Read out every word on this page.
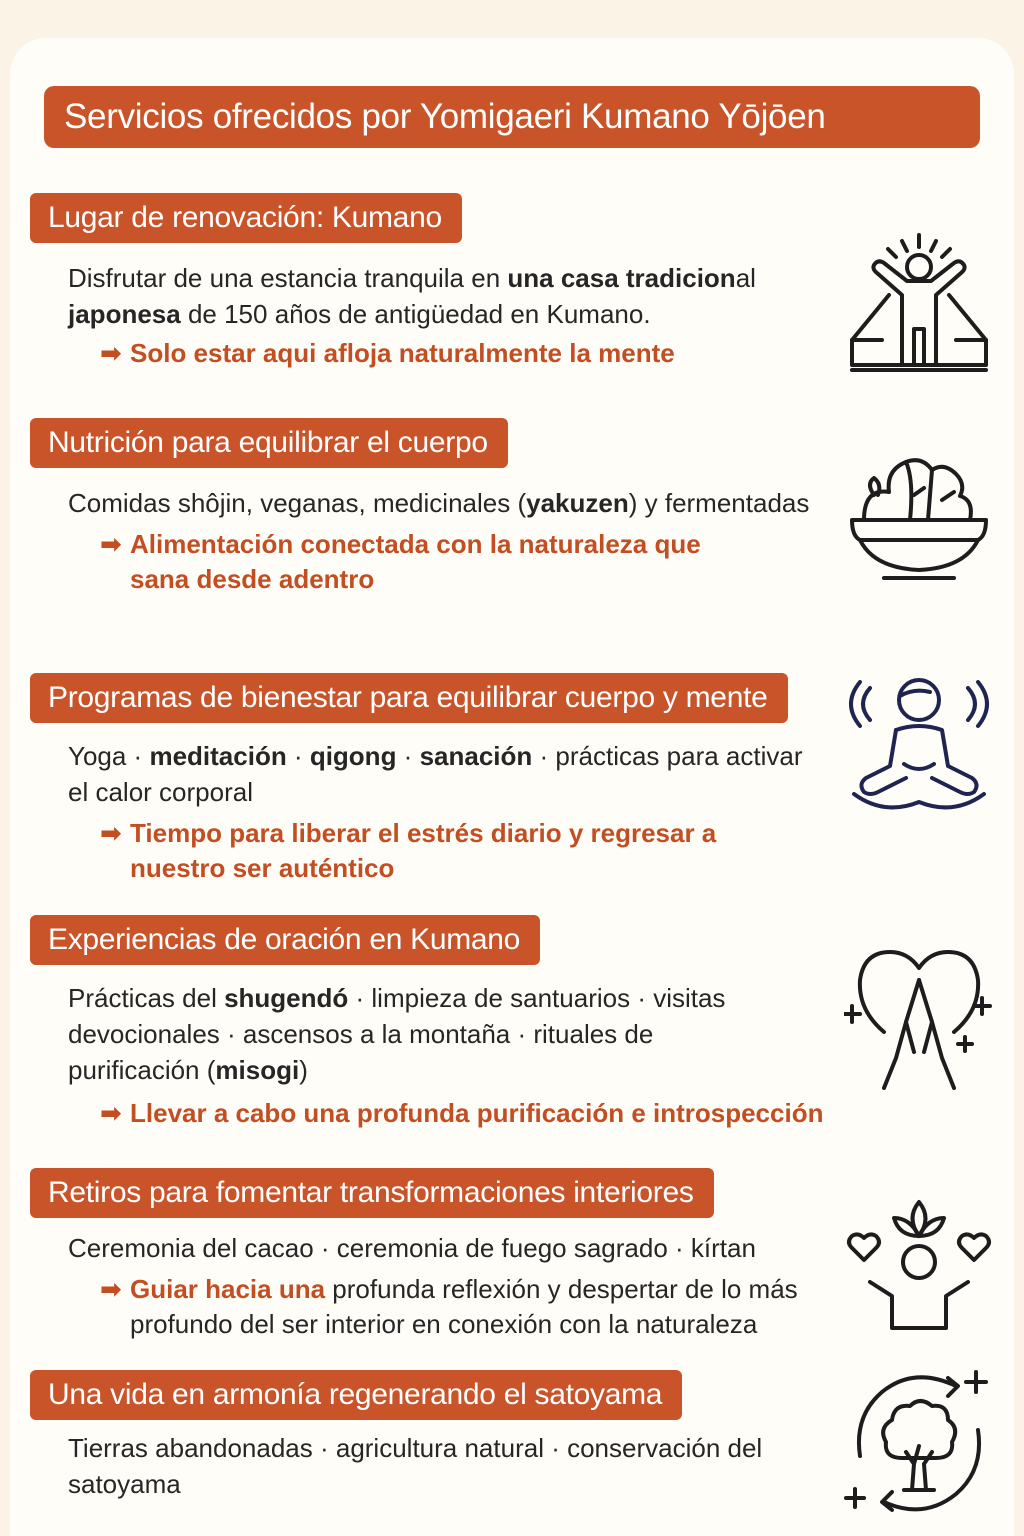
Servicios ofrecidos por Yomigaeri Kumano Yōjōen
Lugar de renovación: Kumano
Disfrutar de una estancia tranquila en una casa tradicional japonesa de 150 años de antigüedad en Kumano.
➡ Solo estar aqui afloja naturalmente la mente
Nutrición para equilibrar el cuerpo
Comidas shôjin, veganas, medicinales (yakuzen) y fermentadas
➡ Alimentación conectada con la naturaleza que sana desde adentro
Programas de bienestar para equilibrar cuerpo y mente
Yoga · meditación · qigong · sanación · prácticas para activar el calor corporal
➡ Tiempo para liberar el estrés diario y regresar a nuestro ser auténtico
Experiencias de oración en Kumano
Prácticas del shugendó · limpieza de santuarios · visitas devocionales · ascensos a la montaña · rituales de purificación (misogi)
➡ Llevar a cabo una profunda purificación e introspección
Retiros para fomentar transformaciones interiores
Ceremonia del cacao · ceremonia de fuego sagrado · kírtan
➡ Guiar hacia una profunda reflexión y despertar de lo más profundo del ser interior en conexión con la naturaleza
Una vida en armonía regenerando el satoyama
Tierras abandonadas · agricultura natural · conservación del satoyama
